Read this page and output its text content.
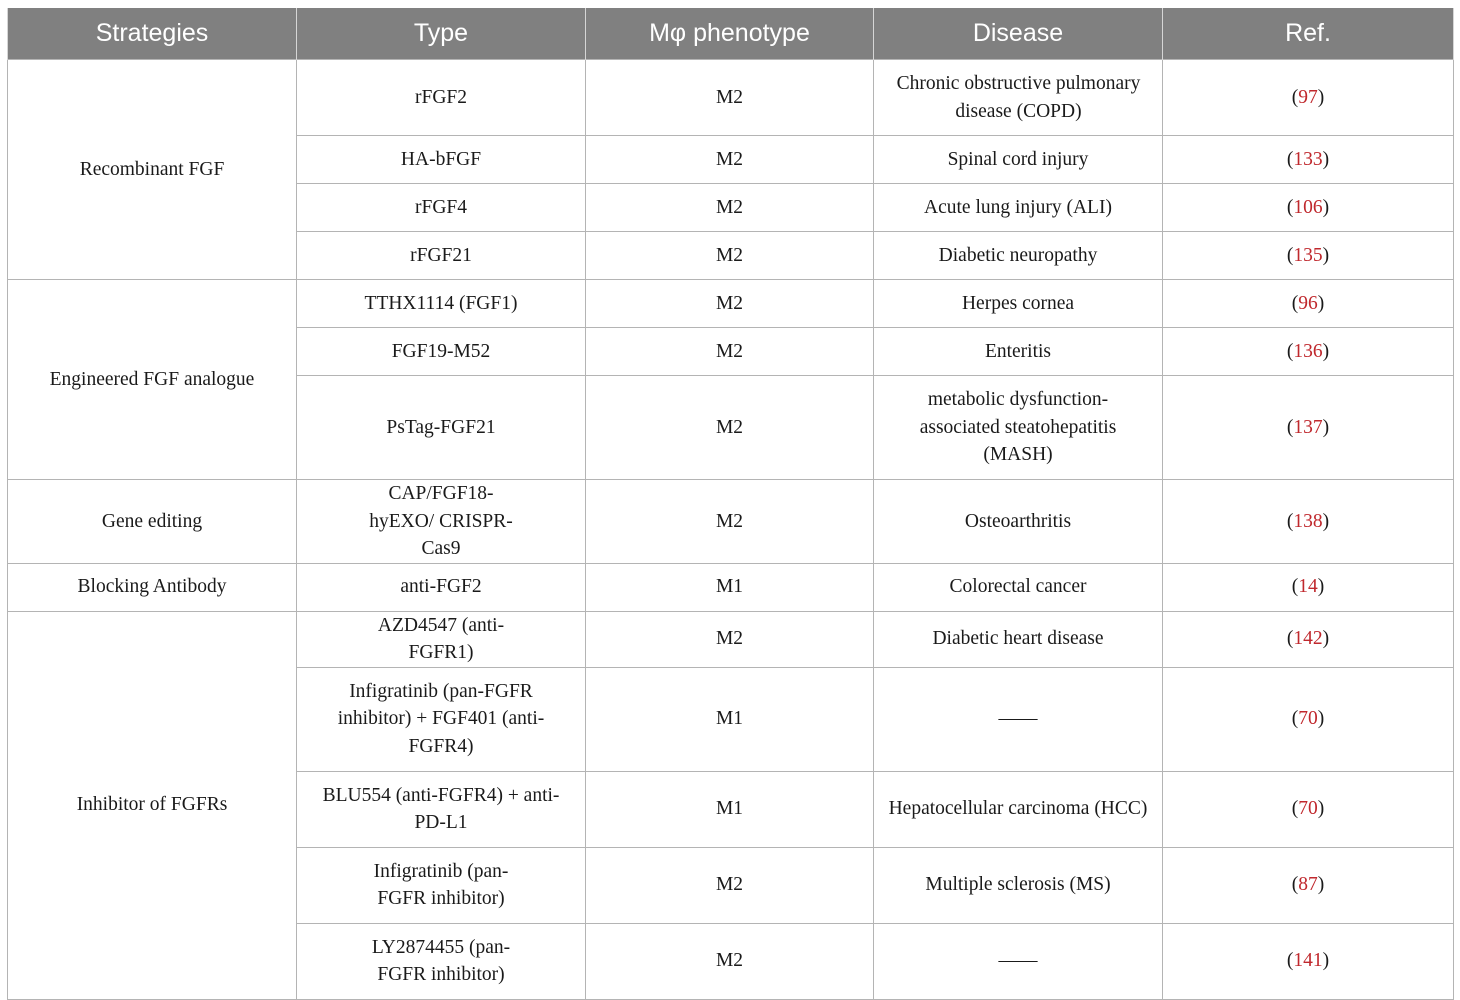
Strategies	Type	Mφ phenotype	Disease	Ref.
Recombinant FGF	rFGF2	M2	Chronic obstructive pulmonary disease (COPD)	(97)
	HA-bFGF	M2	Spinal cord injury	(133)
	rFGF4	M2	Acute lung injury (ALI)	(106)
	rFGF21	M2	Diabetic neuropathy	(135)
Engineered FGF analogue	TTHX1114 (FGF1)	M2	Herpes cornea	(96)
	FGF19-M52	M2	Enteritis	(136)
	PsTag-FGF21	M2	metabolic dysfunction-associated steatohepatitis (MASH)	(137)
Gene editing	CAP/FGF18-hyEXO/ CRISPR-Cas9	M2	Osteoarthritis	(138)
Blocking Antibody	anti-FGF2	M1	Colorectal cancer	(14)
Inhibitor of FGFRs	AZD4547 (anti-FGFR1)	M2	Diabetic heart disease	(142)
	Infigratinib (pan-FGFR inhibitor) + FGF401 (anti-FGFR4)	M1	——	(70)
	BLU554 (anti-FGFR4) + anti-PD-L1	M1	Hepatocellular carcinoma (HCC)	(70)
	Infigratinib (pan-FGFR inhibitor)	M2	Multiple sclerosis (MS)	(87)
	LY2874455 (pan-FGFR inhibitor)	M2	——	(141)
